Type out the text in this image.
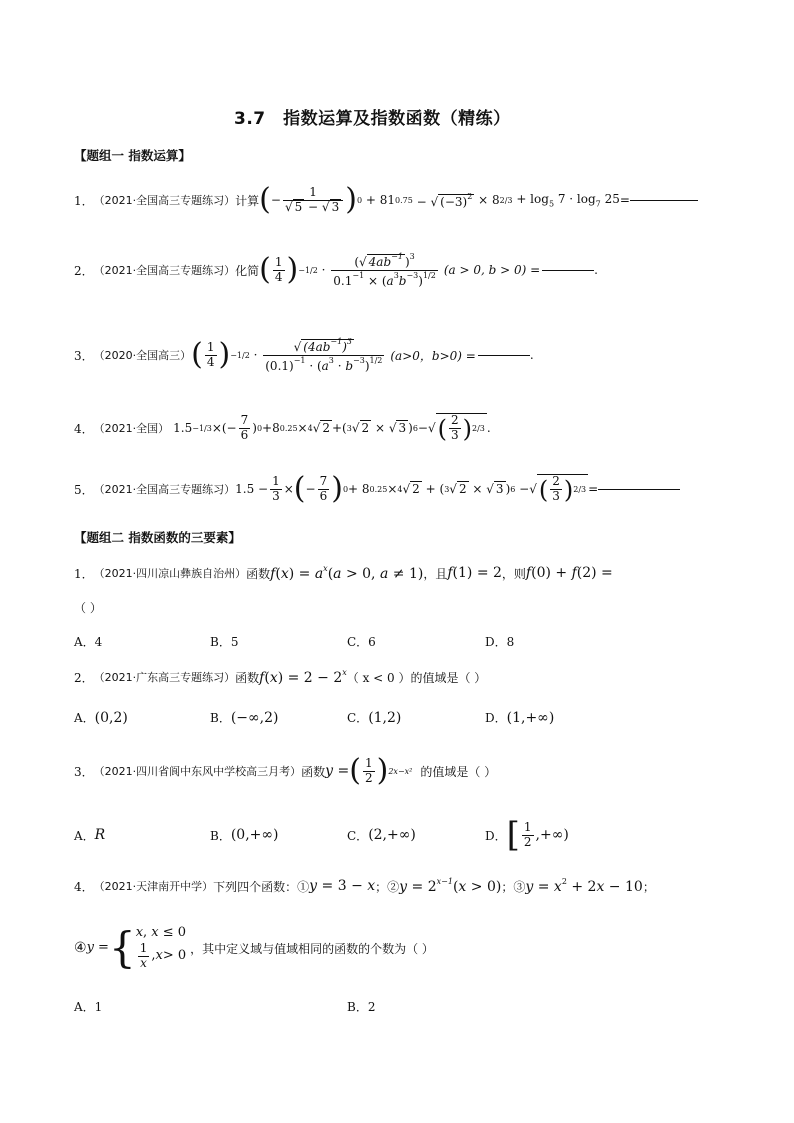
3.7　指数运算及指数函数（精练）
【题组一 指数运算】
1． （2021·全国高三专题练习） 计算 ( − $\frac{1}{√ 5 - √ 3}$ ) 0 + 81 0.75 − √ $(-3)^2 \times 8$ $2/3 + \log_5 7 \cdot \log_7 25$ =
2． （2021·全国高三专题练习） 化简 ( $\frac{1}{4}$ ) $-1/2 \cdot \frac{(√ 4ab^{-1} )^3}{0.1^{-1} \times (a^3b^{-3})^{1/2}} (a > 0$, b > 0) =	.
3． （2020·全国高三） ( $\frac{1}{4}$ ) $-1/2 \cdot \frac{√ (4ab^{-1})^3}{(0.1)^{-1} \cdot (a^3 \cdot b^{-3})^{1/2}} (a>0$，b>0) =	.
4． （2021·全国） 1.5 −1/3 ×(− $\frac{7}{6}$ ) 0 +8 0.25 × 4 √ 2 +( 3 √ 2 × √ 3 ) 6 −√ ( $\frac{2}{3}$ ) 2/3 .
5． （2021·全国高三专题练习） $1.5 - \frac{1}{3}$ × ( − $\frac{7}{6}$ ) 0 + 8 0.25 × 4 √ 2 + ( 3 √ 2 × √ 3 ) 6 −√ ( $\frac{2}{3}$ ) 2/3 =
【题组二 指数函数的三要素】
1． （2021·四川凉山彝族自治州） 函数 $f(x) = a^x(a > 0$, a ≠ 1) ，且 f(1) = 2 ，则 f(0) + f(2) =
（ ）
A．4	B．5	C．6	D．8
2． （2021·广东高三专题练习） 函数 $f(x) = 2 - 2^x$ （ x < 0 ）的值域是（ ）
A．(0,2)	B．(−∞,2)	C．(1,2)	D．(1,+∞)
3． （2021·四川省阆中东风中学校高三月考） 函数 y = ( $\frac{1}{2}$ ) 2x−x² 的值域是（ ）
A． R	B． (0,+∞)	C． (2,+∞)	D． [ $\frac{1}{2}$ ,+∞)
4． （2021·天津南开中学） 下列四个函数：① y = 3 − x ；② $y = 2^{x-1}(x > 0)$ ；③ $y = x^2 + 2x - 10$ ；
④ y = { x, x ≤ 0
$\frac{1}{x}$ , x > 0 ，其中定义域与值域相同的函数的个数为（ ）
A．1	B．2
